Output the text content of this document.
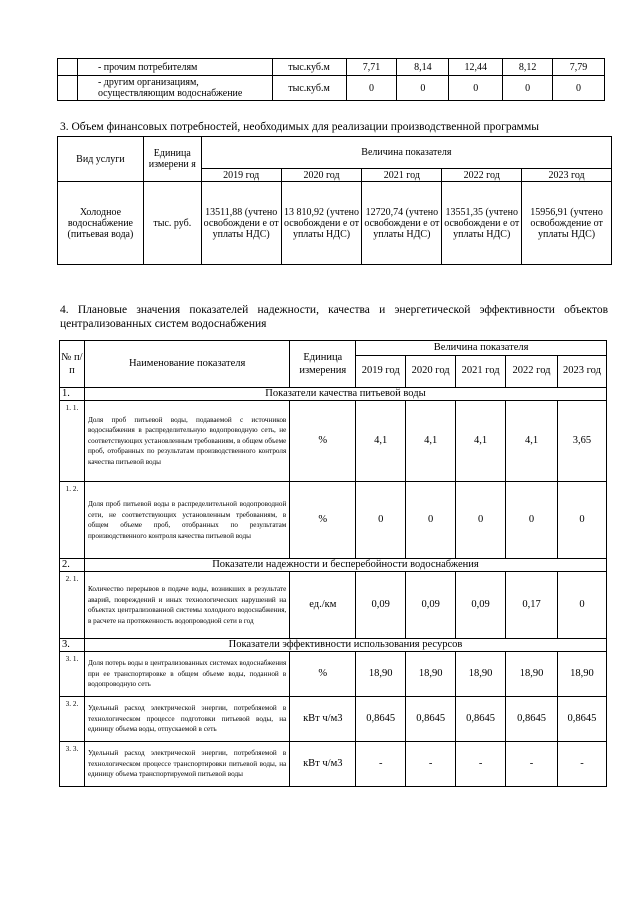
	- прочим потребителям	тыс.куб.м	7,71	8,14	12,44	8,12	7,79
	- другим организациям, осуществляющим водоснабжение	тыс.куб.м	0	0	0	0	0
3. Объем финансовых потребностей, необходимых для реализации производственной программы
Вид услуги	Единица измерени я	Величина показателя				
		2019 год	2020 год	2021 год	2022 год	2023 год
Холодное водоснабжение (питьевая вода)	тыс. руб.	13511,88 (учтено освобождени е от уплаты НДС)	13 810,92 (учтено освобождени е от уплаты НДС)	12720,74 (учтено освобождени е от уплаты НДС)	13551,35 (учтено освобождени е от уплаты НДС)	15956,91 (учтено освобождение от уплаты НДС)
4. Плановые значения показателей надежности, качества и энергетической эффективности объектов централизованных систем водоснабжения
№ п/ п	Наименование показателя	Единица измерения	Величина показателя				
			2019 год	2020 год	2021 год	2022 год	2023 год
1.	Показатели качества питьевой воды						
1. 1.	Доля проб питьевой воды, подаваемой с источников водоснабжения в распределительную водопроводную сеть, не соответствующих установленным требованиям, в общем объеме проб, отобранных по результатам производственного контроля качества питьевой воды	%	4,1	4,1	4,1	4,1	3,65
1. 2.	Доля проб питьевой воды в распределительной водопроводной сети, не соответствующих установленным требованиям, в общем объеме проб, отобранных по результатам производственного контроля качества питьевой воды	%	0	0	0	0	0
2.	Показатели надежности и бесперебойности водоснабжения						
2. 1.	Количество перерывов в подаче воды, возникших в результате аварий, повреждений и иных технологических нарушений на объектах централизованной системы холодного водоснабжения, в расчете на протяженность водопроводной сети в год	ед./км	0,09	0,09	0,09	0,17	0
3.	Показатели эффективности использования ресурсов						
3. 1.	Доля потерь воды в централизованных системах водоснабжения при ее транспортировке в общем объеме воды, поданной в водопроводную сеть	%	18,90	18,90	18,90	18,90	18,90
3. 2.	Удельный расход электрической энергии, потребляемой в технологическом процессе подготовки питьевой воды, на единицу объема воды, отпускаемой в сеть	кВт ч/м3	0,8645	0,8645	0,8645	0,8645	0,8645
3. 3.	Удельный расход электрической энергии, потребляемой в технологическом процессе транспортировки питьевой воды, на единицу объема транспортируемой питьевой воды	кВт ч/м3	-	-	-	-	-
